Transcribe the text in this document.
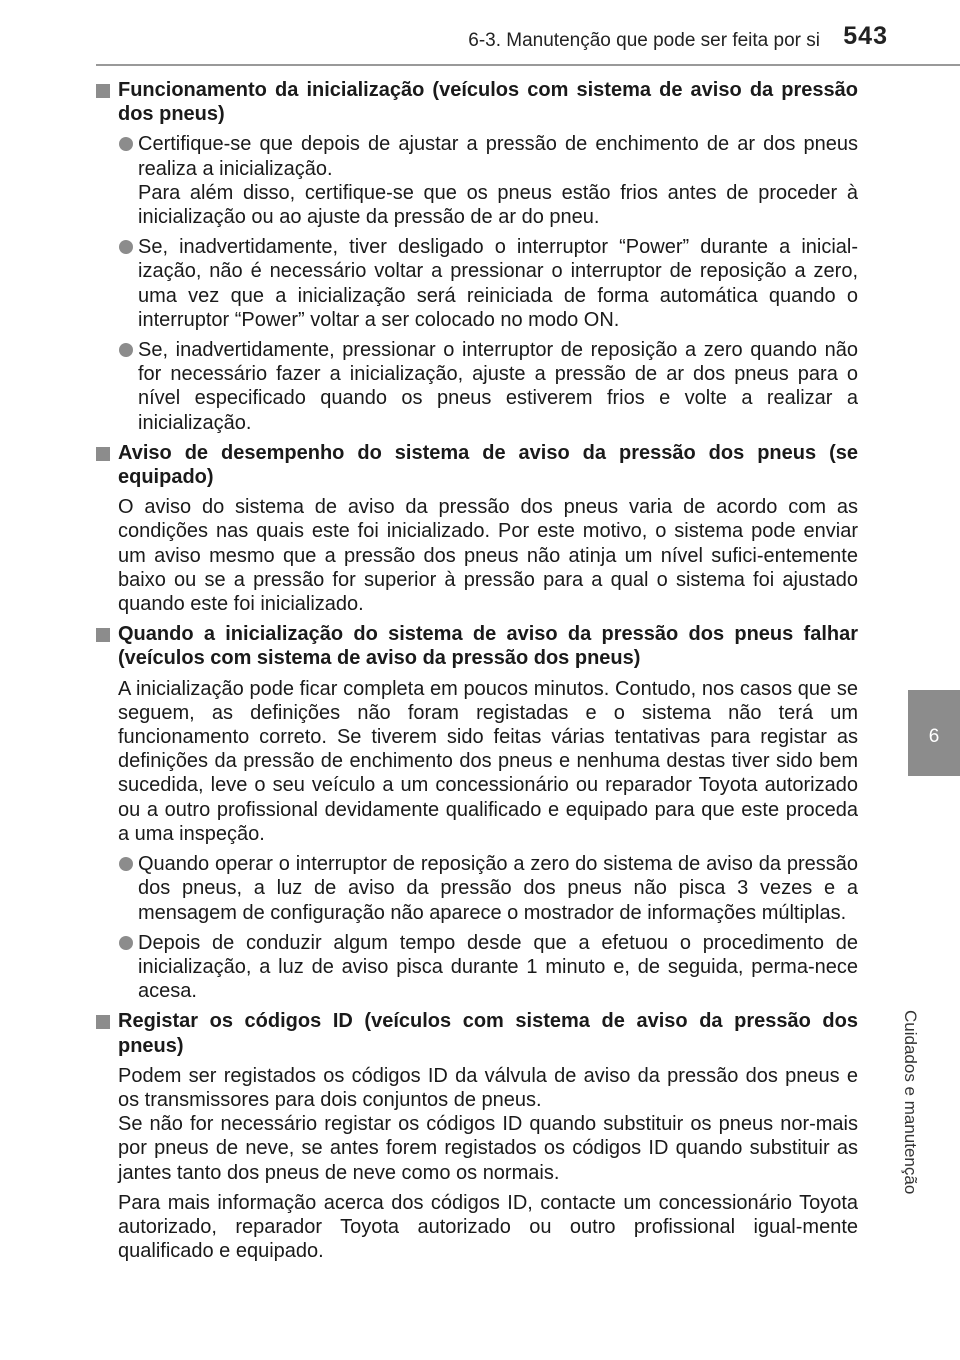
6-3. Manutenção que pode ser feita por si 543
6
Cuidados e manutenção
Funcionamento da inicialização (veículos com sistema de aviso da pressão dos pneus)
Certifique-se que depois de ajustar a pressão de enchimento de ar dos pneus realiza a inicialização.
Para além disso, certifique-se que os pneus estão frios antes de proceder à inicialização ou ao ajuste da pressão de ar do pneu.
Se, inadvertidamente, tiver desligado o interruptor “Power” durante a inicial-ização, não é necessário voltar a pressionar o interruptor de reposição a zero, uma vez que a inicialização será reiniciada de forma automática quando o interruptor “Power” voltar a ser colocado no modo ON.
Se, inadvertidamente, pressionar o interruptor de reposição a zero quando não for necessário fazer a inicialização, ajuste a pressão de ar dos pneus para o nível especificado quando os pneus estiverem frios e volte a realizar a inicialização.
Aviso de desempenho do sistema de aviso da pressão dos pneus (se equipado)
O aviso do sistema de aviso da pressão dos pneus varia de acordo com as condições nas quais este foi inicializado. Por este motivo, o sistema pode enviar um aviso mesmo que a pressão dos pneus não atinja um nível sufici-entemente baixo ou se a pressão for superior à pressão para a qual o sistema foi ajustado quando este foi inicializado.
Quando a inicialização do sistema de aviso da pressão dos pneus falhar (veículos com sistema de aviso da pressão dos pneus)
A inicialização pode ficar completa em poucos minutos. Contudo, nos casos que se seguem, as definições não foram registadas e o sistema não terá um funcionamento correto. Se tiverem sido feitas várias tentativas para registar as definições da pressão de enchimento dos pneus e nenhuma destas tiver sido bem sucedida, leve o seu veículo a um concessionário ou reparador Toyota autorizado ou a outro profissional devidamente qualificado e equipado para que este proceda a uma inspeção.
Quando operar o interruptor de reposição a zero do sistema de aviso da pressão dos pneus, a luz de aviso da pressão dos pneus não pisca 3 vezes e a mensagem de configuração não aparece o mostrador de informações múltiplas.
Depois de conduzir algum tempo desde que a efetuou o procedimento de inicialização, a luz de aviso pisca durante 1 minuto e, de seguida, perma-nece acesa.
Registar os códigos ID (veículos com sistema de aviso da pressão dos pneus)
Podem ser registados os códigos ID da válvula de aviso da pressão dos pneus e os transmissores para dois conjuntos de pneus.
Se não for necessário registar os códigos ID quando substituir os pneus nor-mais por pneus de neve, se antes forem registados os códigos ID quando substituir as jantes tanto dos pneus de neve como os normais.
Para mais informação acerca dos códigos ID, contacte um concessionário Toyota autorizado, reparador Toyota autorizado ou outro profissional igual-mente qualificado e equipado.
